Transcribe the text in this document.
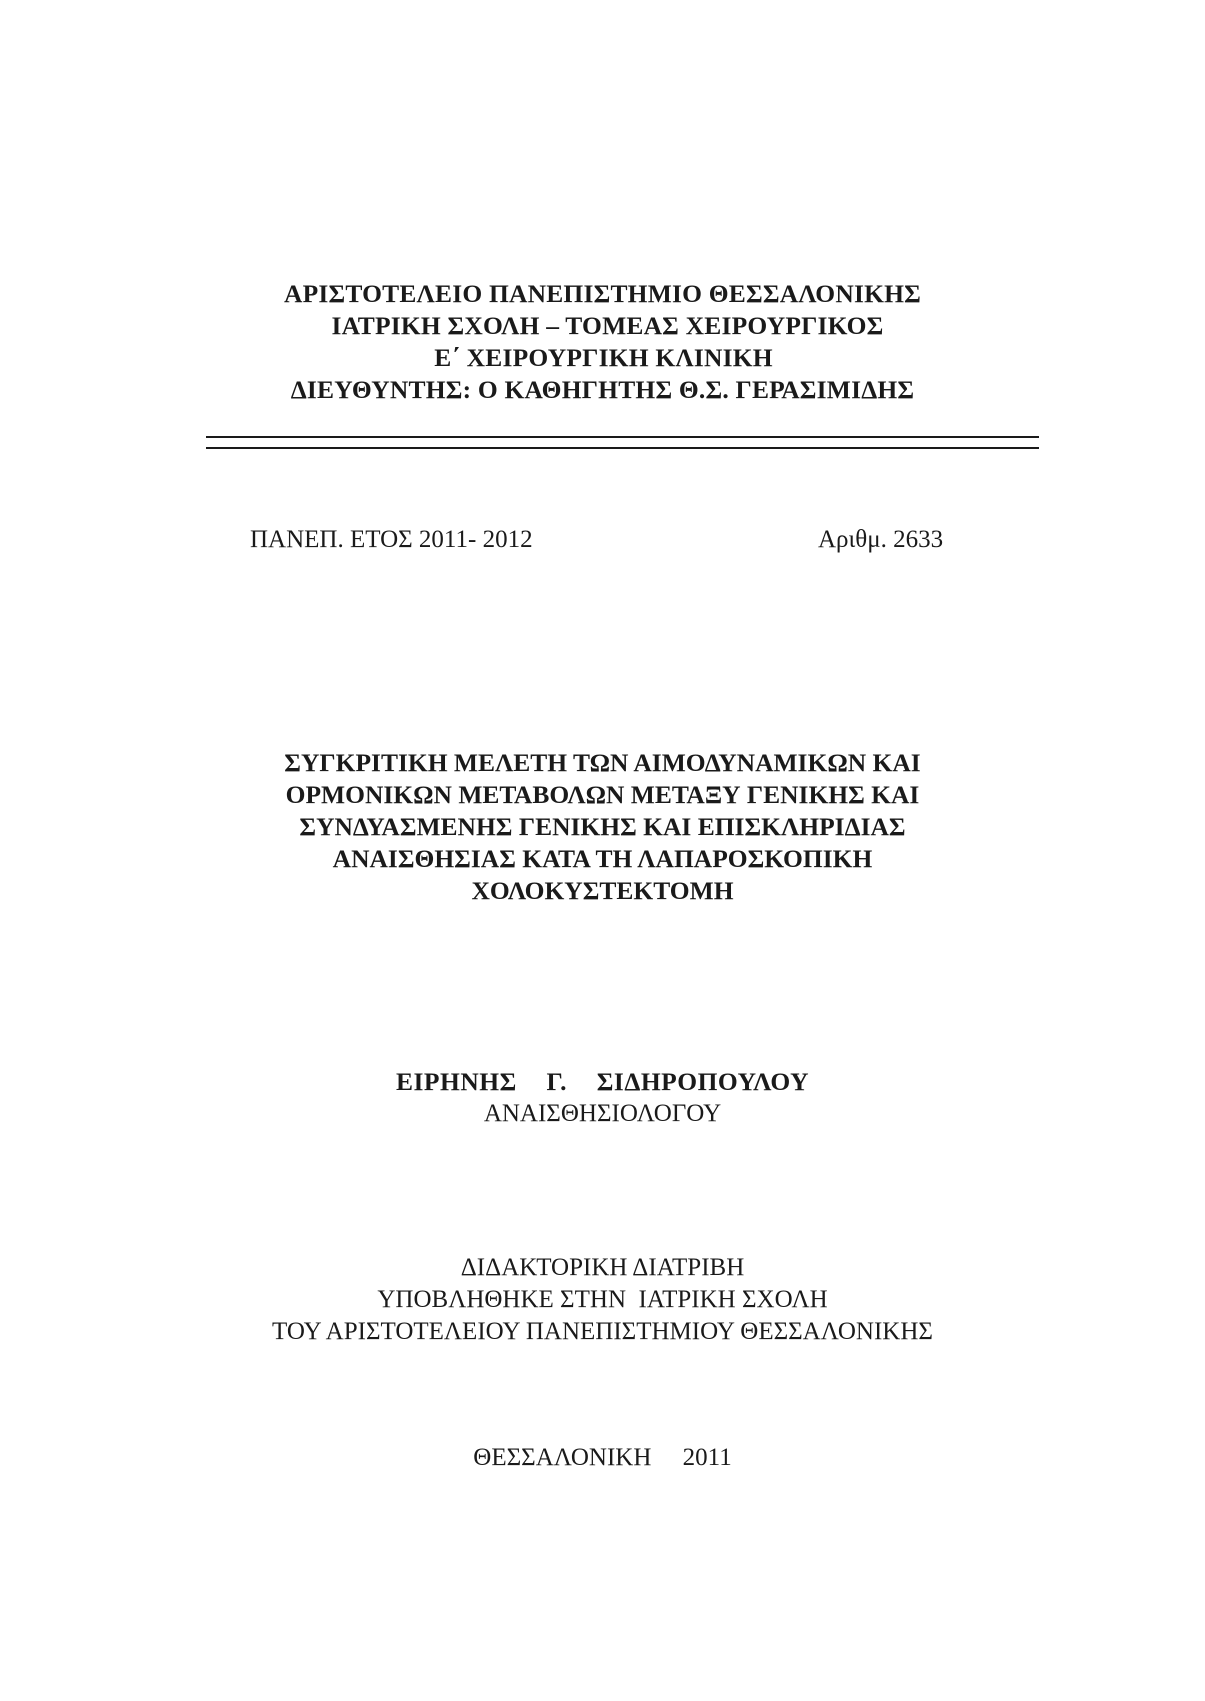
ΑΡΙΣΤΟΤΕΛΕΙΟ ΠΑΝΕΠΙΣΤΗΜΙΟ ΘΕΣΣΑΛΟΝΙΚΗΣ
ΙΑΤΡΙΚΗ ΣΧΟΛΗ – ΤΟΜΕΑΣ ΧΕΙΡΟΥΡΓΙΚΟΣ
Ε΄ ΧΕΙΡΟΥΡΓΙΚΗ ΚΛΙΝΙΚΗ
ΔΙΕΥΘΥΝΤΗΣ: Ο ΚΑΘΗΓΗΤΗΣ Θ.Σ. ΓΕΡΑΣΙΜΙΔΗΣ
ΠΑΝΕΠ. ΕΤΟΣ 2011- 2012	Αριθμ. 2633
ΣΥΓΚΡΙΤΙΚΗ ΜΕΛΕΤΗ ΤΩΝ ΑΙΜΟΔΥΝΑΜΙΚΩΝ ΚΑΙ
ΟΡΜΟΝΙΚΩΝ ΜΕΤΑΒΟΛΩΝ ΜΕΤΑΞΥ ΓΕΝΙΚΗΣ ΚΑΙ
ΣΥΝΔΥΑΣΜΕΝΗΣ ΓΕΝΙΚΗΣ ΚΑΙ ΕΠΙΣΚΛΗΡΙΔΙΑΣ
ΑΝΑΙΣΘΗΣΙΑΣ ΚΑΤΑ ΤΗ ΛΑΠΑΡΟΣΚΟΠΙΚΗ
ΧΟΛΟΚΥΣΤΕΚΤΟΜΗ
ΕΙΡΗΝΗΣ  Γ.  ΣΙΔΗΡΟΠΟΥΛΟΥ
ΑΝΑΙΣΘΗΣΙΟΛΟΓΟΥ
ΔΙΔΑΚΤΟΡΙΚΗ ΔΙΑΤΡΙΒΗ
ΥΠΟΒΛΗΘΗΚΕ ΣΤΗΝ  ΙΑΤΡΙΚΗ ΣΧΟΛΗ
ΤΟΥ ΑΡΙΣΤΟΤΕΛΕΙΟΥ ΠΑΝΕΠΙΣΤΗΜΙΟΥ ΘΕΣΣΑΛΟΝΙΚΗΣ
ΘΕΣΣΑΛΟΝΙΚΗ     2011
